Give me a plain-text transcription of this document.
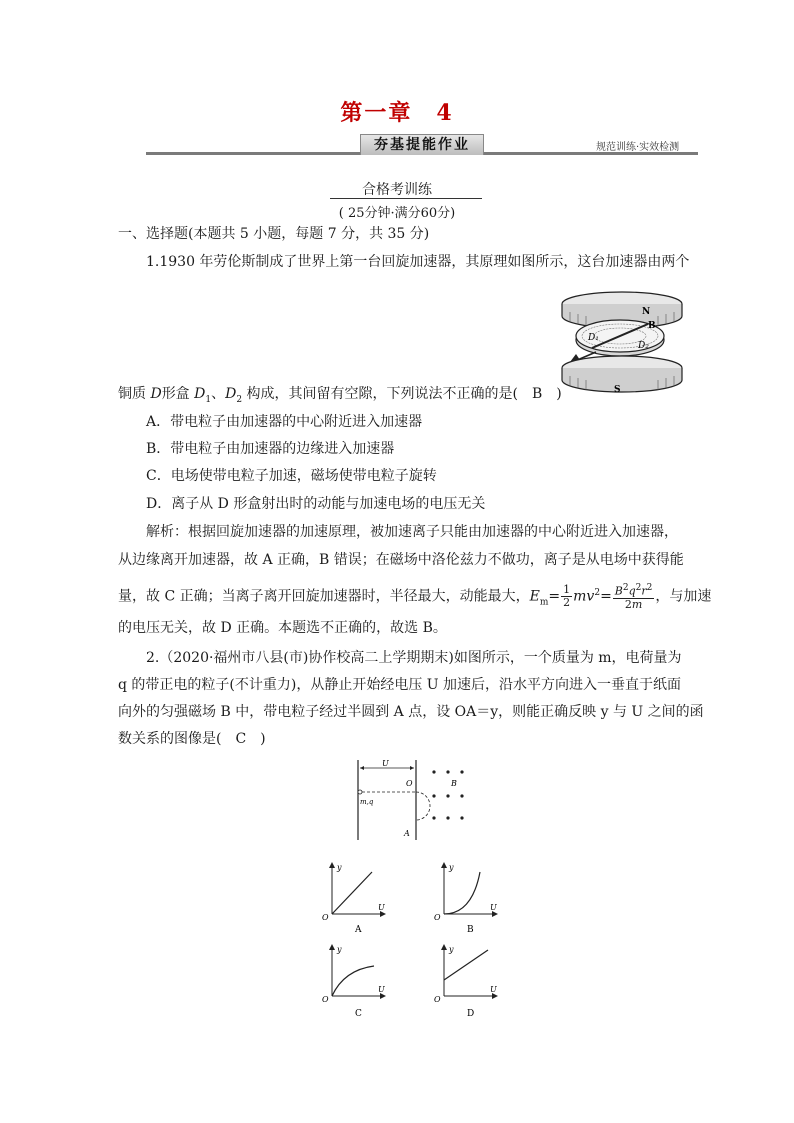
第一章　4
夯基提能作业	规范训练·实效检测
合格考训练
( 25分钟·满分60分)
一、选择题(本题共 5 小题，每题 7 分，共 35 分)
1.1930 年劳伦斯制成了世界上第一台回旋加速器，其原理如图所示，这台加速器由两个
N
D₁
D₂
B
S
铜质 D形盒 $D_1$、$D_2$ 构成，其间留有空隙，下列说法不正确的是(　B　)
A．带电粒子由加速器的中心附近进入加速器
B．带电粒子由加速器的边缘进入加速器
C．电场使带电粒子加速，磁场使带电粒子旋转
D．离子从 D 形盒射出时的动能与加速电场的电压无关
解析：根据回旋加速器的加速原理，被加速离子只能由加速器的中心附近进入加速器，
从边缘离开加速器，故 A 正确，B 错误；在磁场中洛伦兹力不做功，离子是从电场中获得能
量，故 C 正确；当离子离开回旋加速器时，半径最大，动能最大，$E_m= \frac{1}{2} mv^2= \frac{B^2q^2r^2}{2m}$ ，与加速
的电压无关，故 D 正确。本题选不正确的，故选 B。
2.（2020·福州市八县(市)协作校高二上学期期末)如图所示，一个质量为 m，电荷量为
q 的带正电的粒子(不计重力)，从静止开始经电压 U 加速后，沿水平方向进入一垂直于纸面
向外的匀强磁场 B 中，带电粒子经过半圆到 A 点，设 OA＝y，则能正确反映 y 与 U 之间的函
数关系的图像是(　C　)
U
O
m,q
A
B
y
U
O
A
y
U
O
B
y
U
O
C
y
U
O
D
